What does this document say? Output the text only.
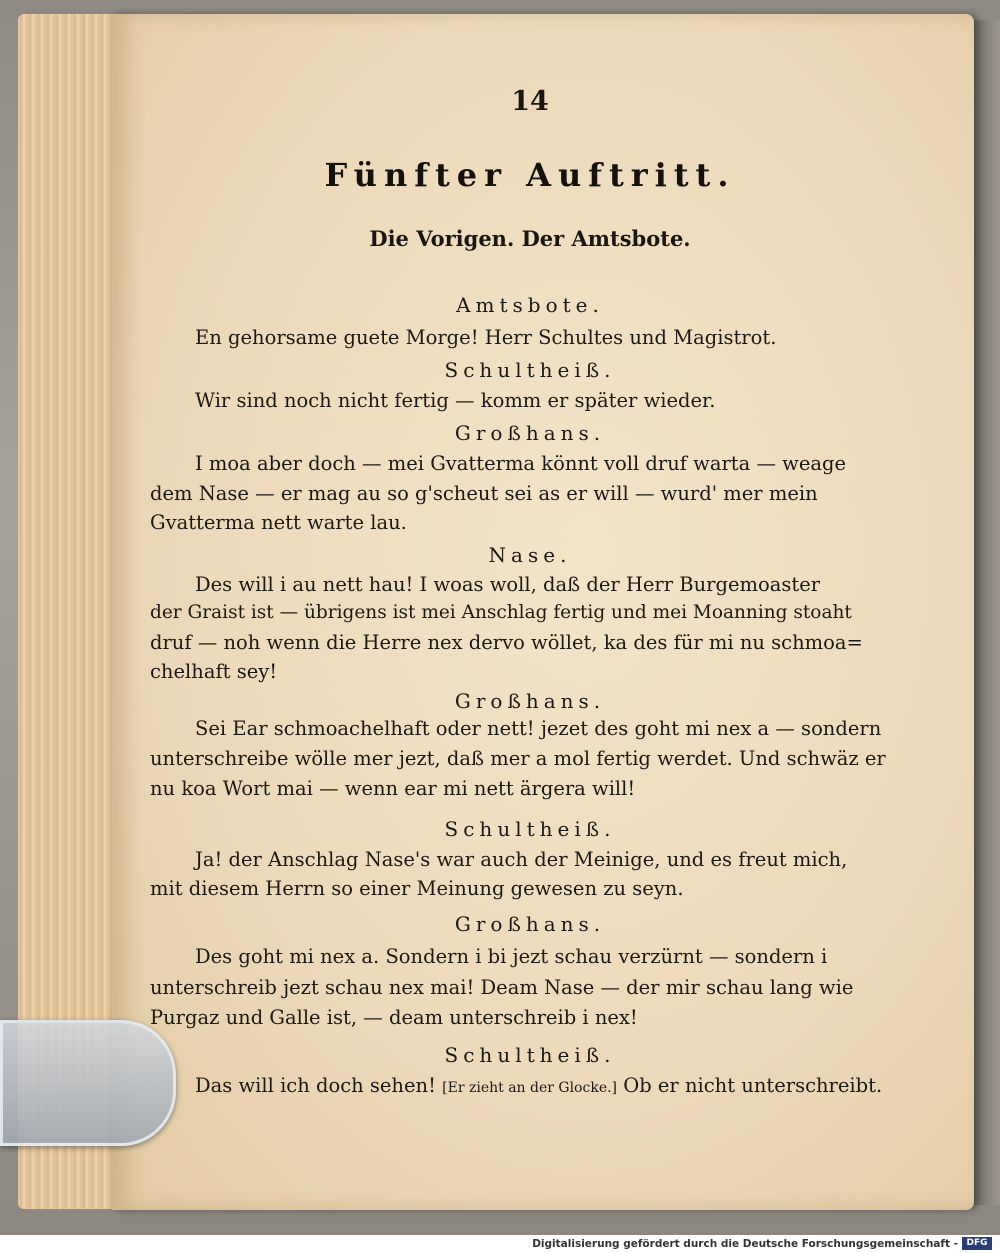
14
Fünfter Auftritt.
Die Vorigen. Der Amtsbote.
Amtsbote.
En gehorsame guete Morge! Herr Schultes und Magistrot.
Schultheiß.
Wir sind noch nicht fertig — komm er später wieder.
Großhans.
I moa aber doch — mei Gvatterma könnt voll druf warta — weage
dem Nase — er mag au so g'scheut sei as er will — wurd' mer mein
Gvatterma nett warte lau.
Nase.
Des will i au nett hau! I woas woll, daß der Herr Burgemoaster
der Graist ist — übrigens ist mei Anschlag fertig und mei Moanning stoaht
druf — noh wenn die Herre nex dervo wöllet, ka des für mi nu schmoa=
chelhaft sey!
Großhans.
Sei Ear schmoachelhaft oder nett! jezet des goht mi nex a — sondern
unterschreibe wölle mer jezt, daß mer a mol fertig werdet. Und schwäz er
nu koa Wort mai — wenn ear mi nett ärgera will!
Schultheiß.
Ja! der Anschlag Nase's war auch der Meinige, und es freut mich,
mit diesem Herrn so einer Meinung gewesen zu seyn.
Großhans.
Des goht mi nex a. Sondern i bi jezt schau verzürnt — sondern i
unterschreib jezt schau nex mai! Deam Nase — der mir schau lang wie
Purgaz und Galle ist, — deam unterschreib i nex!
Schultheiß.
Das will ich doch sehen! [Er zieht an der Glocke.] Ob er nicht unterschreibt.
Digitalisierung gefördert durch die Deutsche Forschungsgemeinschaft - DFG
